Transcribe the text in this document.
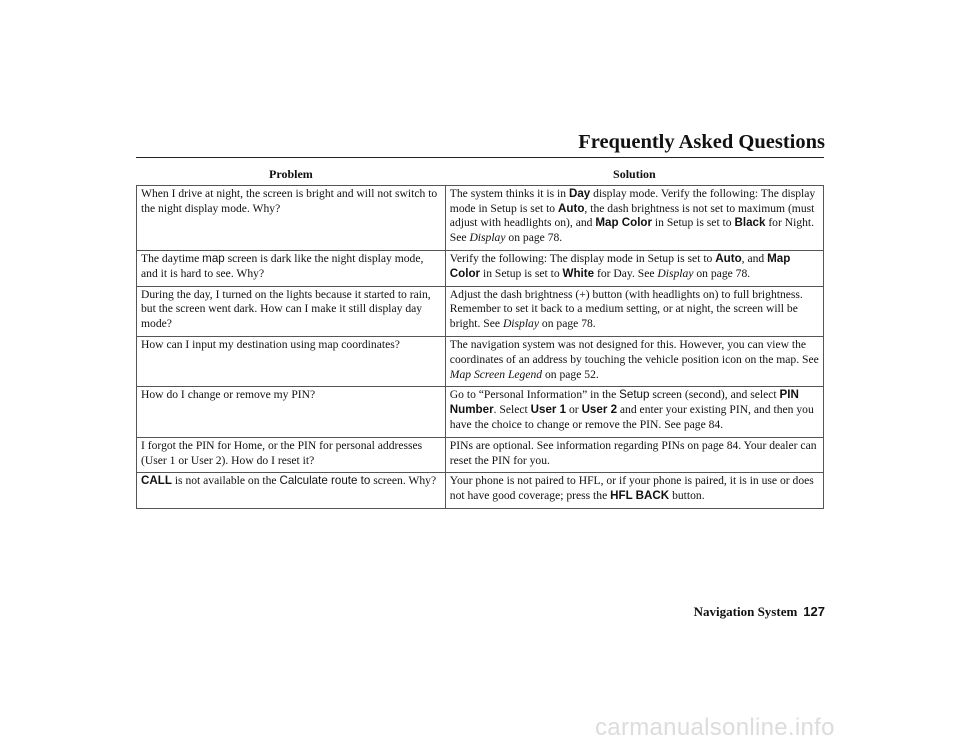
Frequently Asked Questions
Problem	Solution
When I drive at night, the screen is bright and will not switch to the night display mode. Why?	The system thinks it is in Day display mode. Verify the following: The display mode in Setup is set to Auto, the dash brightness is not set to maximum (must adjust with headlights on), and Map Color in Setup is set to Black for Night. See Display on page 78.
The daytime map screen is dark like the night display mode, and it is hard to see. Why?	Verify the following: The display mode in Setup is set to Auto, and Map Color in Setup is set to White for Day. See Display on page 78.
During the day, I turned on the lights because it started to rain, but the screen went dark. How can I make it still display day mode?	Adjust the dash brightness (+) button (with headlights on) to full brightness. Remember to set it back to a medium setting, or at night, the screen will be bright. See Display on page 78.
How can I input my destination using map coordinates?	The navigation system was not designed for this. However, you can view the coordinates of an address by touching the vehicle position icon on the map. See Map Screen Legend on page 52.
How do I change or remove my PIN?	Go to “Personal Information” in the Setup screen (second), and select PIN Number. Select User 1 or User 2 and enter your existing PIN, and then you have the choice to change or remove the PIN. See page 84.
I forgot the PIN for Home, or the PIN for personal addresses (User 1 or User 2). How do I reset it?	PINs are optional. See information regarding PINs on page 84. Your dealer can reset the PIN for you.
CALL is not available on the Calculate route to screen. Why?	Your phone is not paired to HFL, or if your phone is paired, it is in use or does not have good coverage; press the HFL BACK button.
Navigation System 127
carmanualsonline.info
